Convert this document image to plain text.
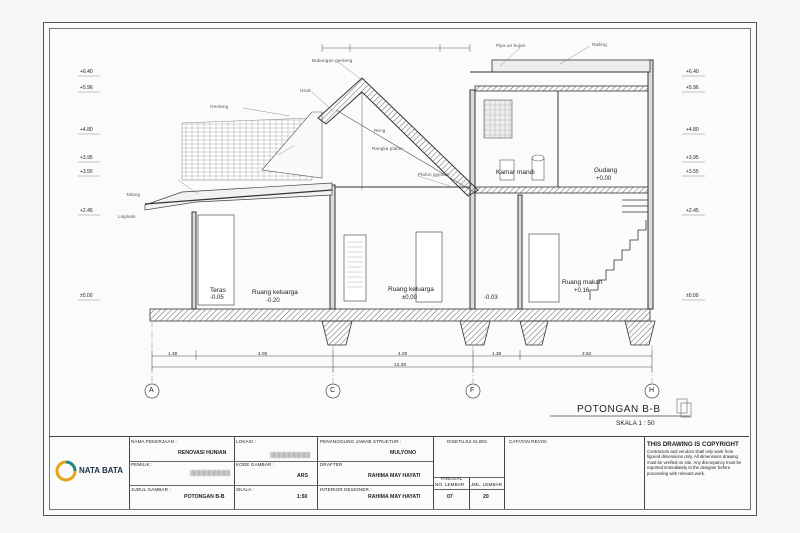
+6.40
+5.96
+4.80
+3.95
+3.55
+2.45
±0.00
+6.40
+5.96
+4.80
+3.95
+3.55
+2.45
±0.00
Teras
-0.05
Ruang keluarga
-0.20
Ruang keluarga
±0.00	-0.03
Ruang makan
+0.16
Kamar mandi	Gudang
+0.00
Bubungan genteng
Usuk
Reng
Genteng
Plafon gypsum
Lisplank
Talang
Rangka plafon
Pipa air hujan	Railing
1.38	4.00	4.00	1.38	3.62
14.38
A	C	F	H
POTONGAN B-B
SKALA 1 : 50
NATA BATA
NAMA PEKERJAAN :
RENOVASI HUNIAN
PEMILIK :
JUDUL GAMBAR :
POTONGAN B-B
LOKASI :
KODE GAMBAR :
ARS
SKALA :
1:50
PENANGGUNG JAWAB STRUKTUR :
MULYONO
DRAFTER
RAHIMA MAY HAYATI
INTERIOR DESIGNER :
RAHIMA MAY HAYATI
DISETUJUI KLIEN
TANGGAL
NO. LEMBAR
07
JML. LEMBAR
20
CATATAN REVISI	THIS DRAWING IS COPYRIGHT
Contractors and vendors shall only work from figured dimensions only. All dimensions drawing must be verified on site. Any discrepancy must be reported immediately to the designer before proceeding with relevant work.
